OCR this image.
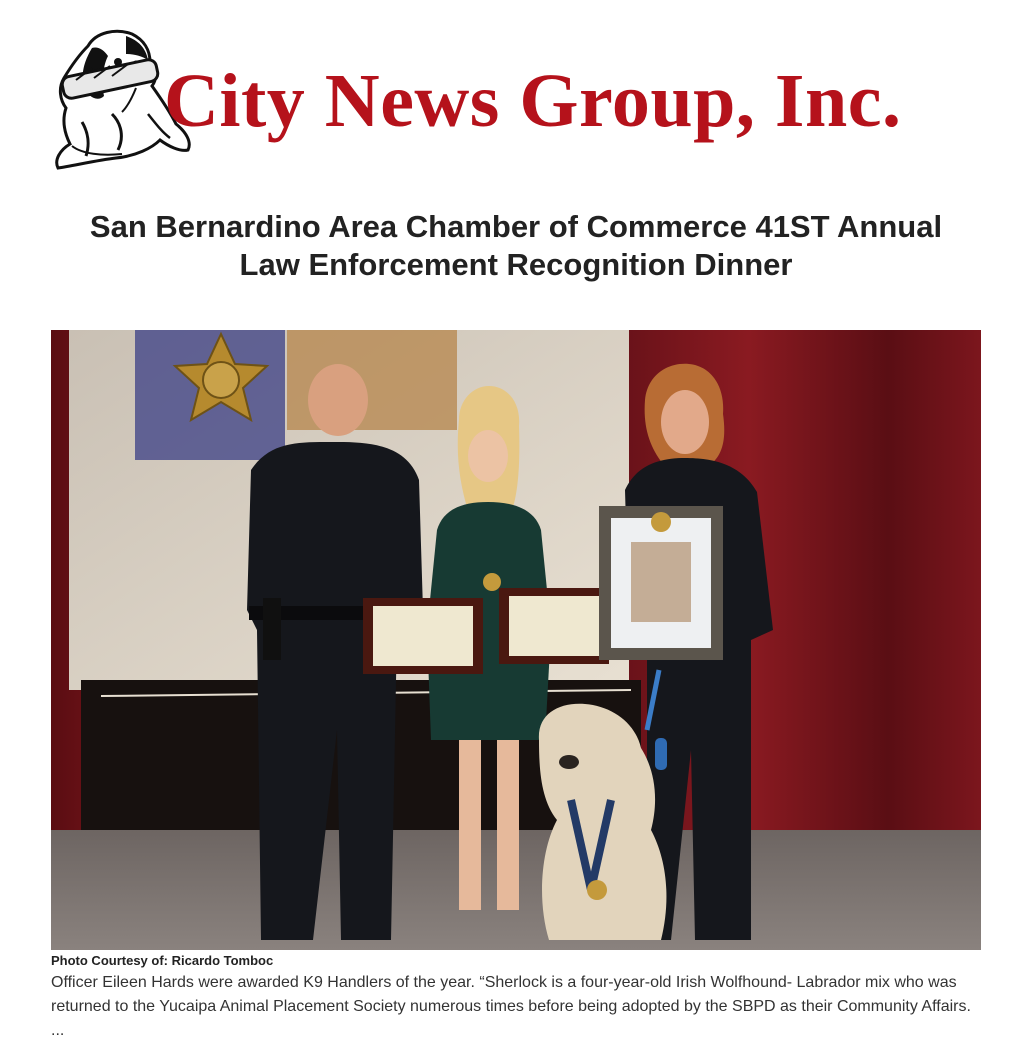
City News Group, Inc.
San Bernardino Area Chamber of Commerce 41ST Annual
Law Enforcement Recognition Dinner
Photo Courtesy of: Ricardo Tomboc

Officer Eileen Hards were awarded K9 Handlers of the year. “Sherlock is a four-year-old Irish Wolfhound- Labrador mix who was returned to the Yucaipa Animal Placement Society numerous times before being adopted by the SBPD as their Community Affairs.
...
